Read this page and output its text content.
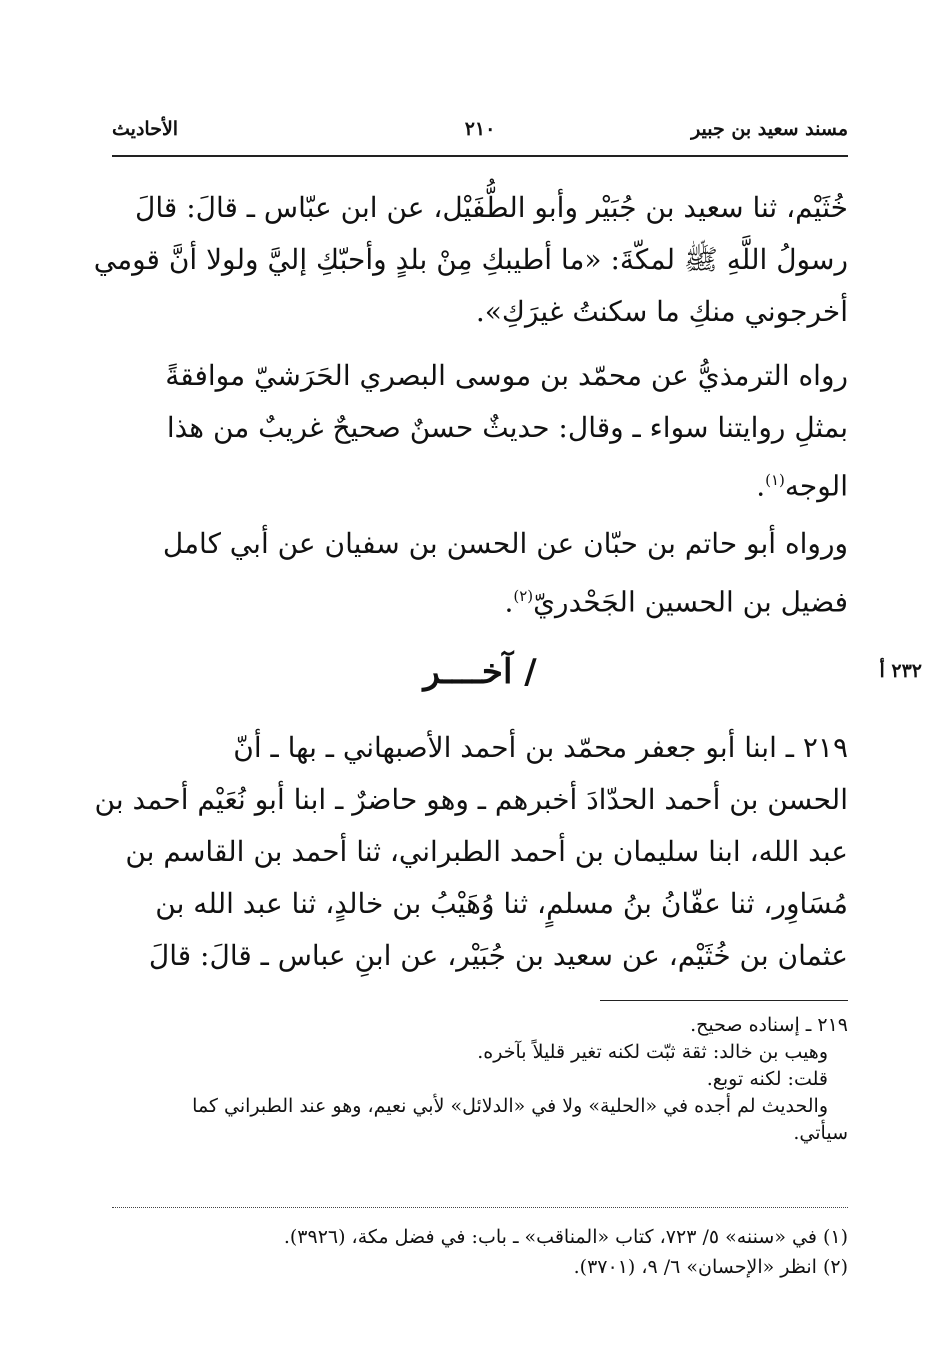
مسند سعيد بن جبير
٢١٠
الأحاديث
خُثَيْم، ثنا سعيد بن جُبَيْر وأبو الطُّفَيْل، عن ابن عبّاس ـ قالَ: قالَ
رسولُ اللَّهِ ﷺ لمكّةَ: «ما أطيبكِ مِنْ بلدٍ وأحبّكِ إليَّ ولولا أنَّ قومي
أخرجوني منكِ ما سكنتُ غيرَكِ».
رواه الترمذيُّ عن محمّد بن موسى البصري الحَرَشيّ موافقةً
بمثلِ روايتنا سواء ـ وقال: حديثٌ حسنٌ صحيحٌ غريبٌ من هذا
الوجه$^{(١)}$.
ورواه أبو حاتم بن حبّان عن الحسن بن سفيان عن أبي كامل
فضيل بن الحسين الجَحْدريّ$^{(٢)}$.
/ آخــــر	٢٣٢ أ
٢١٩ ـ ابنا أبو جعفر محمّد بن أحمد الأصبهاني ـ بها ـ أنّ
الحسن بن أحمد الحدّادَ أخبرهم ـ وهو حاضرٌ ـ ابنا أبو نُعَيْم أحمد بن
عبد الله، ابنا سليمان بن أحمد الطبراني، ثنا أحمد بن القاسم بن
مُسَاوِر، ثنا عفّانُ بنُ مسلمٍ، ثنا وُهَيْبُ بن خالدٍ، ثنا عبد الله بن
عثمان بن خُثَيْم، عن سعيد بن جُبَيْر، عن ابنِ عباس ـ قالَ: قالَ
٢١٩ ـ إسناده صحيح.
وهيب بن خالد: ثقة ثبّت لكنه تغير قليلاً بآخره.
قلت: لكنه توبع.
والحديث لم أجده في «الحلية» ولا في «الدلائل» لأبي نعيم، وهو عند الطبراني كما
سيأتي.
(١) في «سننه» ٥/ ٧٢٣، كتاب «المناقب» ـ باب: في فضل مكة، (٣٩٢٦).
(٢) انظر «الإحسان» ٦/ ٩، (٣٧٠١).
